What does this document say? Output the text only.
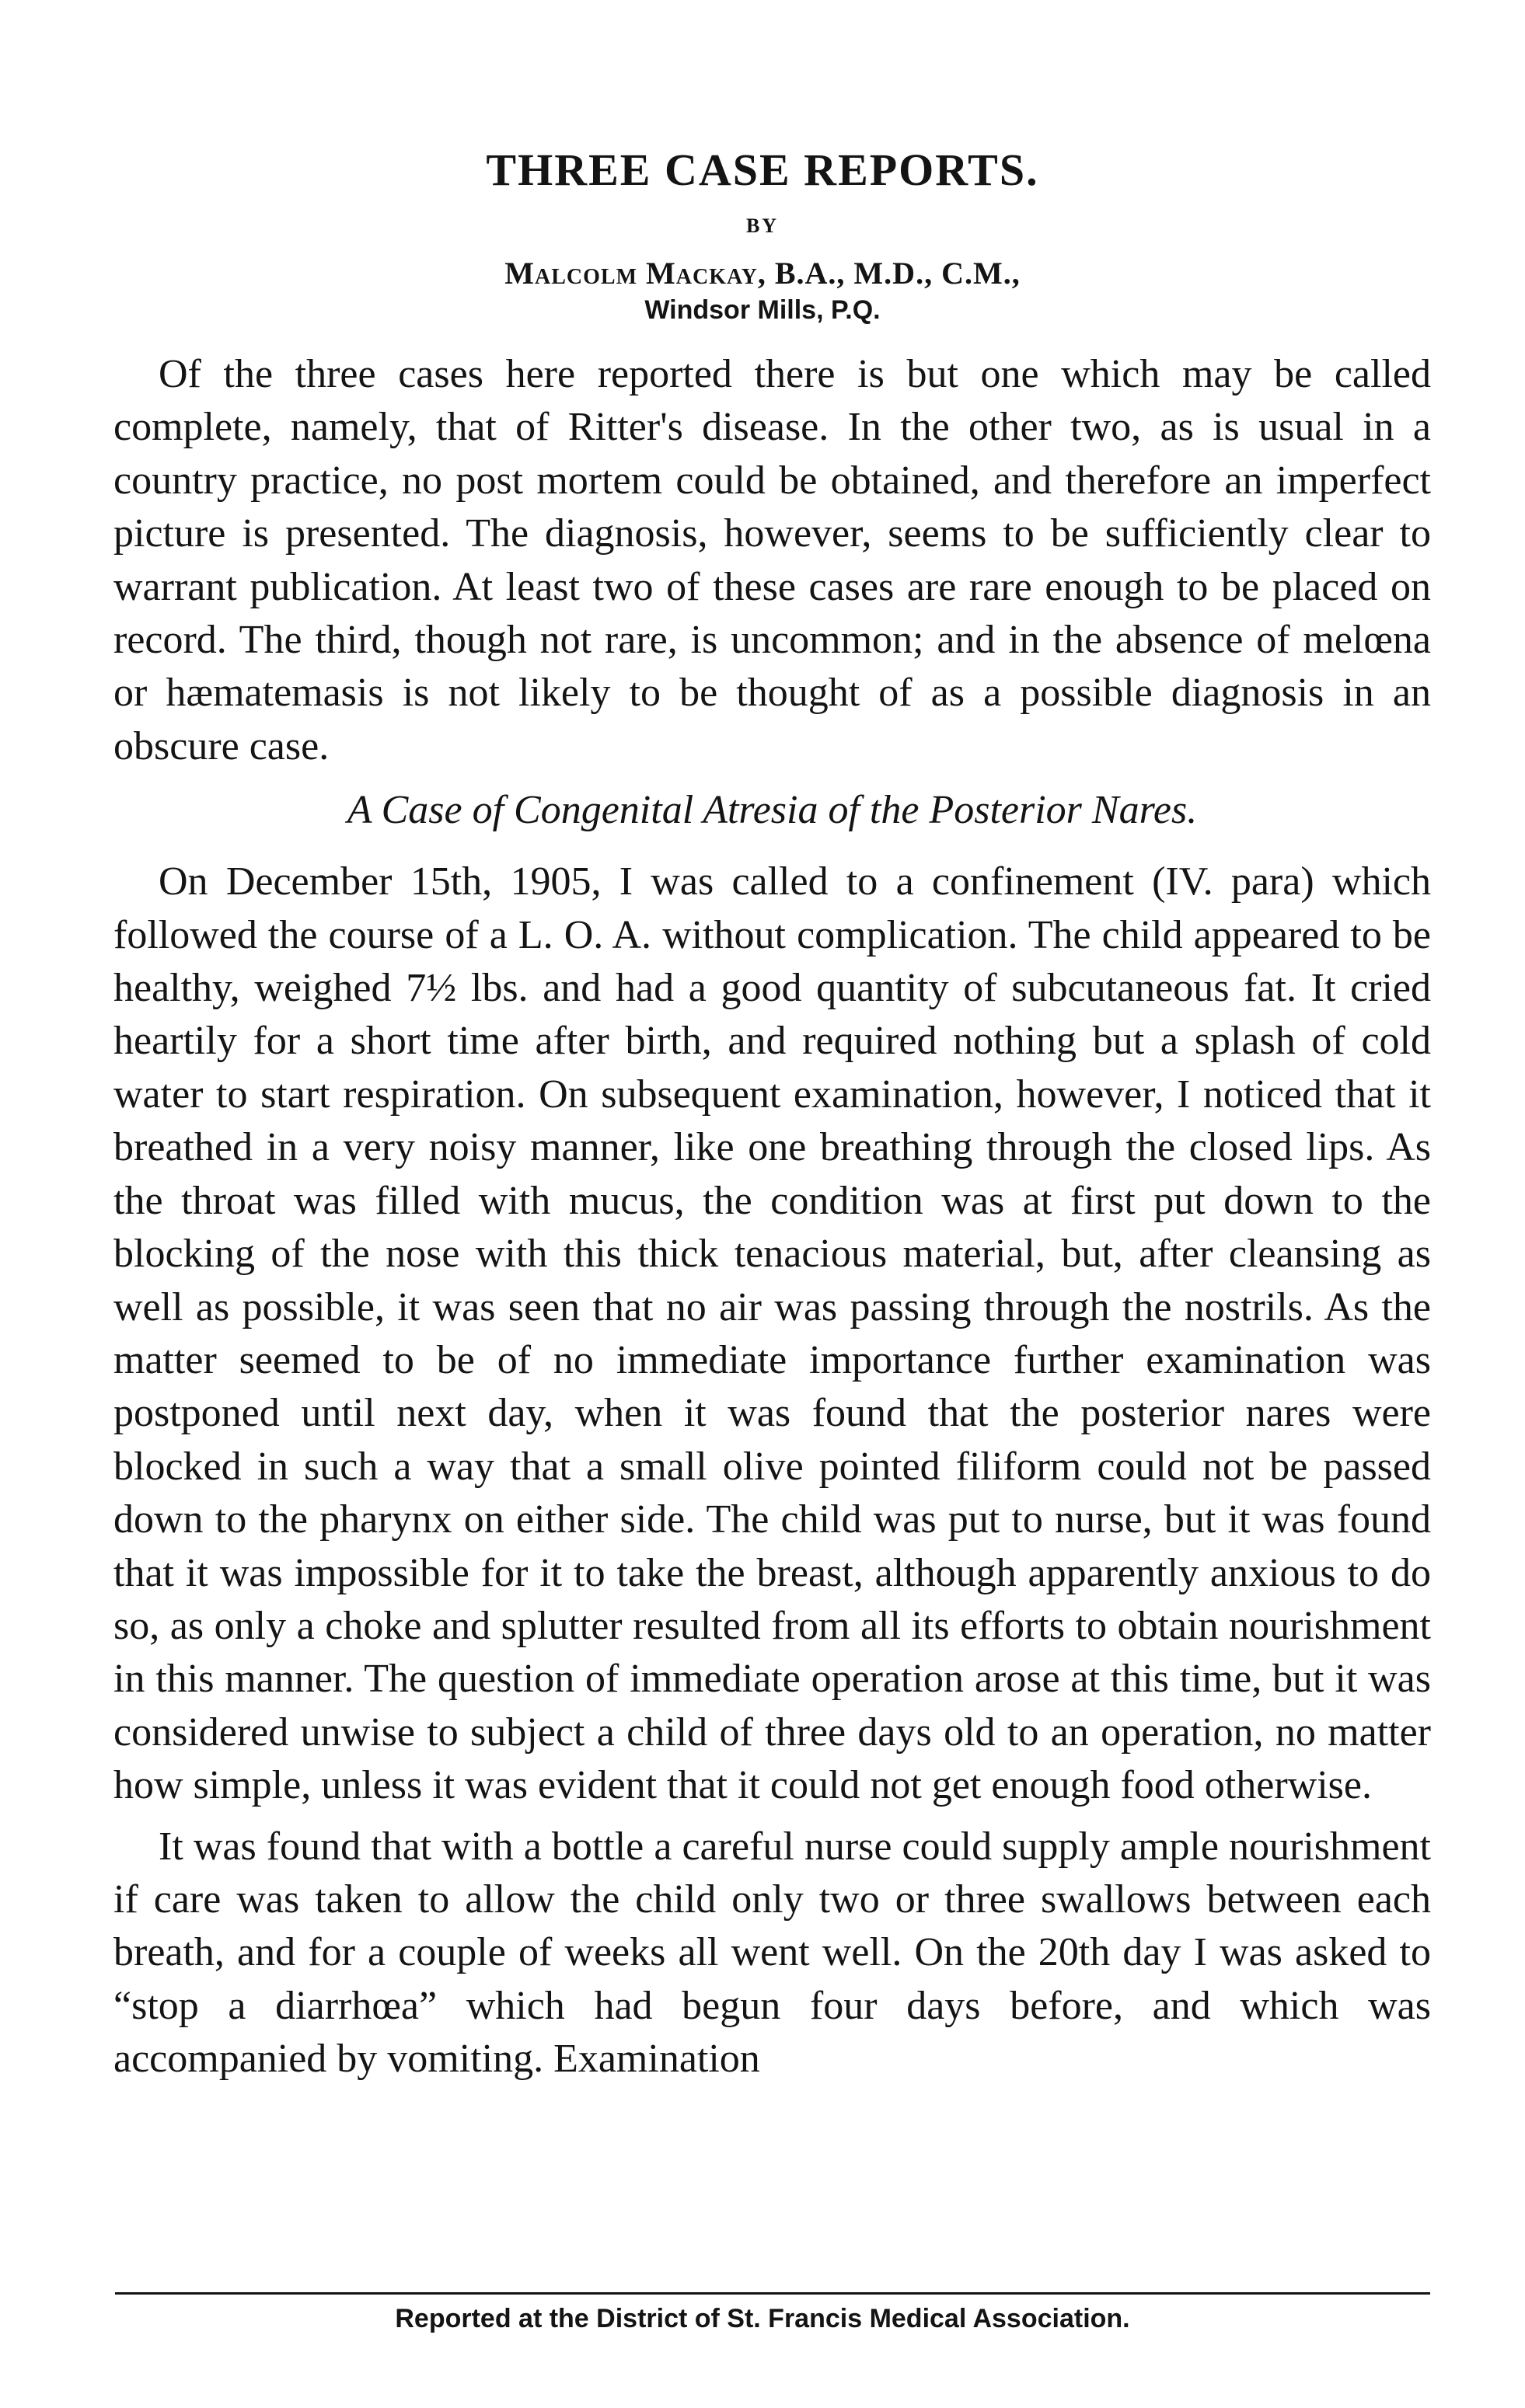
THREE CASE REPORTS.
BY
Malcolm Mackay, B.A., M.D., C.M.,
Windsor Mills, P.Q.

Of the three cases here reported there is but one which may be called complete, namely, that of Ritter's disease. In the other two, as is usual in a country practice, no post mortem could be obtained, and therefore an imperfect picture is presented. The diagnosis, however, seems to be sufficiently clear to warrant publication. At least two of these cases are rare enough to be placed on record. The third, though not rare, is uncommon; and in the absence of melœna or hæmatemasis is not likely to be thought of as a possible diagnosis in an obscure case.

A Case of Congenital Atresia of the Posterior Nares.

On December 15th, 1905, I was called to a confinement (IV. para) which followed the course of a L. O. A. without complication. The child appeared to be healthy, weighed 7½ lbs. and had a good quantity of subcutaneous fat. It cried heartily for a short time after birth, and required nothing but a splash of cold water to start respiration. On subsequent examination, however, I noticed that it breathed in a very noisy manner, like one breathing through the closed lips. As the throat was filled with mucus, the condition was at first put down to the blocking of the nose with this thick tenacious material, but, after cleansing as well as possible, it was seen that no air was passing through the nostrils. As the matter seemed to be of no immediate importance further examination was postponed until next day, when it was found that the posterior nares were blocked in such a way that a small olive pointed filiform could not be passed down to the pharynx on either side. The child was put to nurse, but it was found that it was impossible for it to take the breast, although apparently anxious to do so, as only a choke and splutter resulted from all its efforts to obtain nourishment in this manner. The question of immediate operation arose at this time, but it was considered unwise to subject a child of three days old to an operation, no matter how simple, unless it was evident that it could not get enough food otherwise.

It was found that with a bottle a careful nurse could supply ample nourishment if care was taken to allow the child only two or three swallows between each breath, and for a couple of weeks all went well. On the 20th day I was asked to “stop a diarrhœa” which had begun four days before, and which was accompanied by vomiting. Examination

Reported at the District of St. Francis Medical Association.
